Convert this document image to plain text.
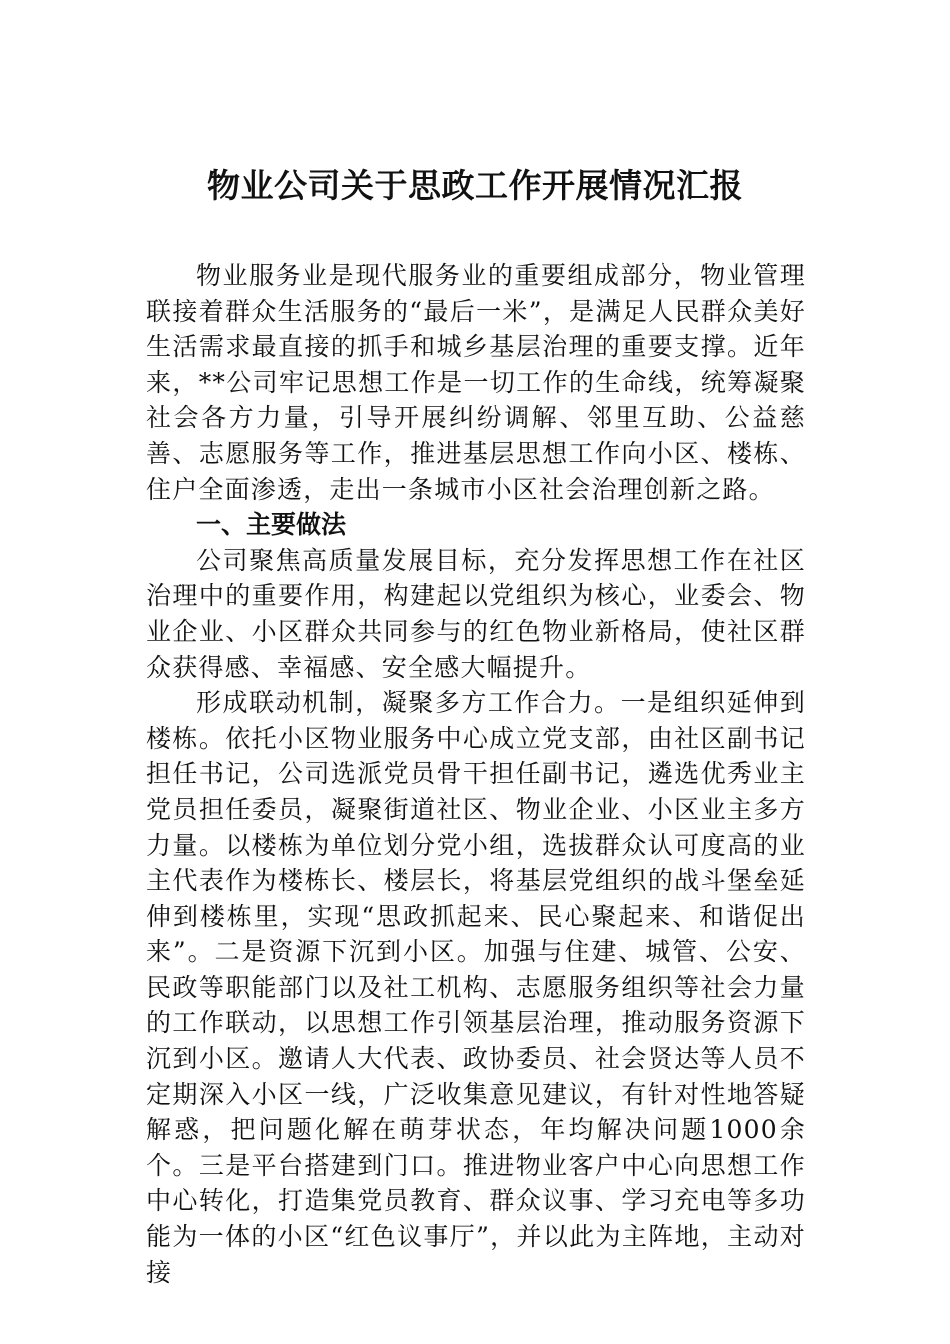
物业公司关于思政工作开展情况汇报

物业服务业是现代服务业的重要组成部分，物业管理联接着群众生活服务的“最后一米”，是满足人民群众美好生活需求最直接的抓手和城乡基层治理的重要支撑。近年来，**公司牢记思想工作是一切工作的生命线，统筹凝聚社会各方力量，引导开展纠纷调解、邻里互助、公益慈善、志愿服务等工作，推进基层思想工作向小区、楼栋、住户全面渗透，走出一条城市小区社会治理创新之路。

一、主要做法

公司聚焦高质量发展目标，充分发挥思想工作在社区治理中的重要作用，构建起以党组织为核心，业委会、物业企业、小区群众共同参与的红色物业新格局，使社区群众获得感、幸福感、安全感大幅提升。

形成联动机制，凝聚多方工作合力。一是组织延伸到楼栋。依托小区物业服务中心成立党支部，由社区副书记担任书记，公司选派党员骨干担任副书记，遴选优秀业主党员担任委员，凝聚街道社区、物业企业、小区业主多方力量。以楼栋为单位划分党小组，选拔群众认可度高的业主代表作为楼栋长、楼层长，将基层党组织的战斗堡垒延伸到楼栋里，实现“思政抓起来、民心聚起来、和谐促出来”。二是资源下沉到小区。加强与住建、城管、公安、民政等职能部门以及社工机构、志愿服务组织等社会力量的工作联动，以思想工作引领基层治理，推动服务资源下沉到小区。邀请人大代表、政协委员、社会贤达等人员不定期深入小区一线，广泛收集意见建议，有针对性地答疑解惑，把问题化解在萌芽状态，年均解决问题1000余个。三是平台搭建到门口。推进物业客户中心向思想工作中心转化，打造集党员教育、群众议事、学习充电等多功能为一体的小区“红色议事厅”，并以此为主阵地，主动对接
